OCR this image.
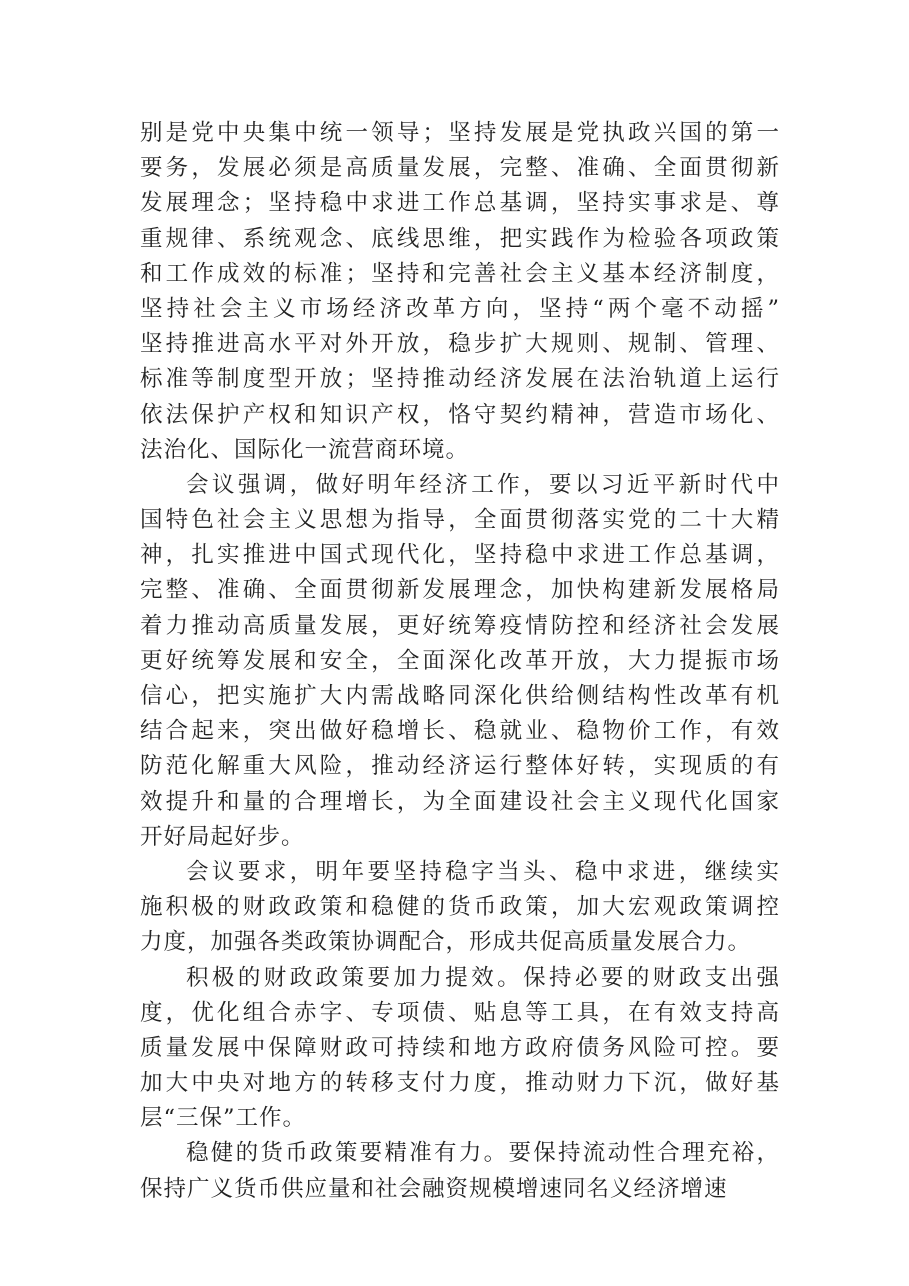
别是党中央集中统一领导；坚持发展是党执政兴国的第一
要务，发展必须是高质量发展，完整、准确、全面贯彻新
发展理念；坚持稳中求进工作总基调，坚持实事求是、尊
重规律、系统观念、底线思维，把实践作为检验各项政策
和工作成效的标准；坚持和完善社会主义基本经济制度，
坚持社会主义市场经济改革方向，坚持“两个毫不动摇”
坚持推进高水平对外开放，稳步扩大规则、规制、管理、
标准等制度型开放；坚持推动经济发展在法治轨道上运行
依法保护产权和知识产权，恪守契约精神，营造市场化、
法治化、国际化一流营商环境。
会议强调，做好明年经济工作，要以习近平新时代中
国特色社会主义思想为指导，全面贯彻落实党的二十大精
神，扎实推进中国式现代化，坚持稳中求进工作总基调，
完整、准确、全面贯彻新发展理念，加快构建新发展格局
着力推动高质量发展，更好统筹疫情防控和经济社会发展
更好统筹发展和安全，全面深化改革开放，大力提振市场
信心，把实施扩大内需战略同深化供给侧结构性改革有机
结合起来，突出做好稳增长、稳就业、稳物价工作，有效
防范化解重大风险，推动经济运行整体好转，实现质的有
效提升和量的合理增长，为全面建设社会主义现代化国家
开好局起好步。
会议要求，明年要坚持稳字当头、稳中求进，继续实
施积极的财政政策和稳健的货币政策，加大宏观政策调控
力度，加强各类政策协调配合，形成共促高质量发展合力。
积极的财政政策要加力提效。保持必要的财政支出强
度，优化组合赤字、专项债、贴息等工具，在有效支持高
质量发展中保障财政可持续和地方政府债务风险可控。要
加大中央对地方的转移支付力度，推动财力下沉，做好基
层“三保”工作。
稳健的货币政策要精准有力。要保持流动性合理充裕，
保持广义货币供应量和社会融资规模增速同名义经济增速
